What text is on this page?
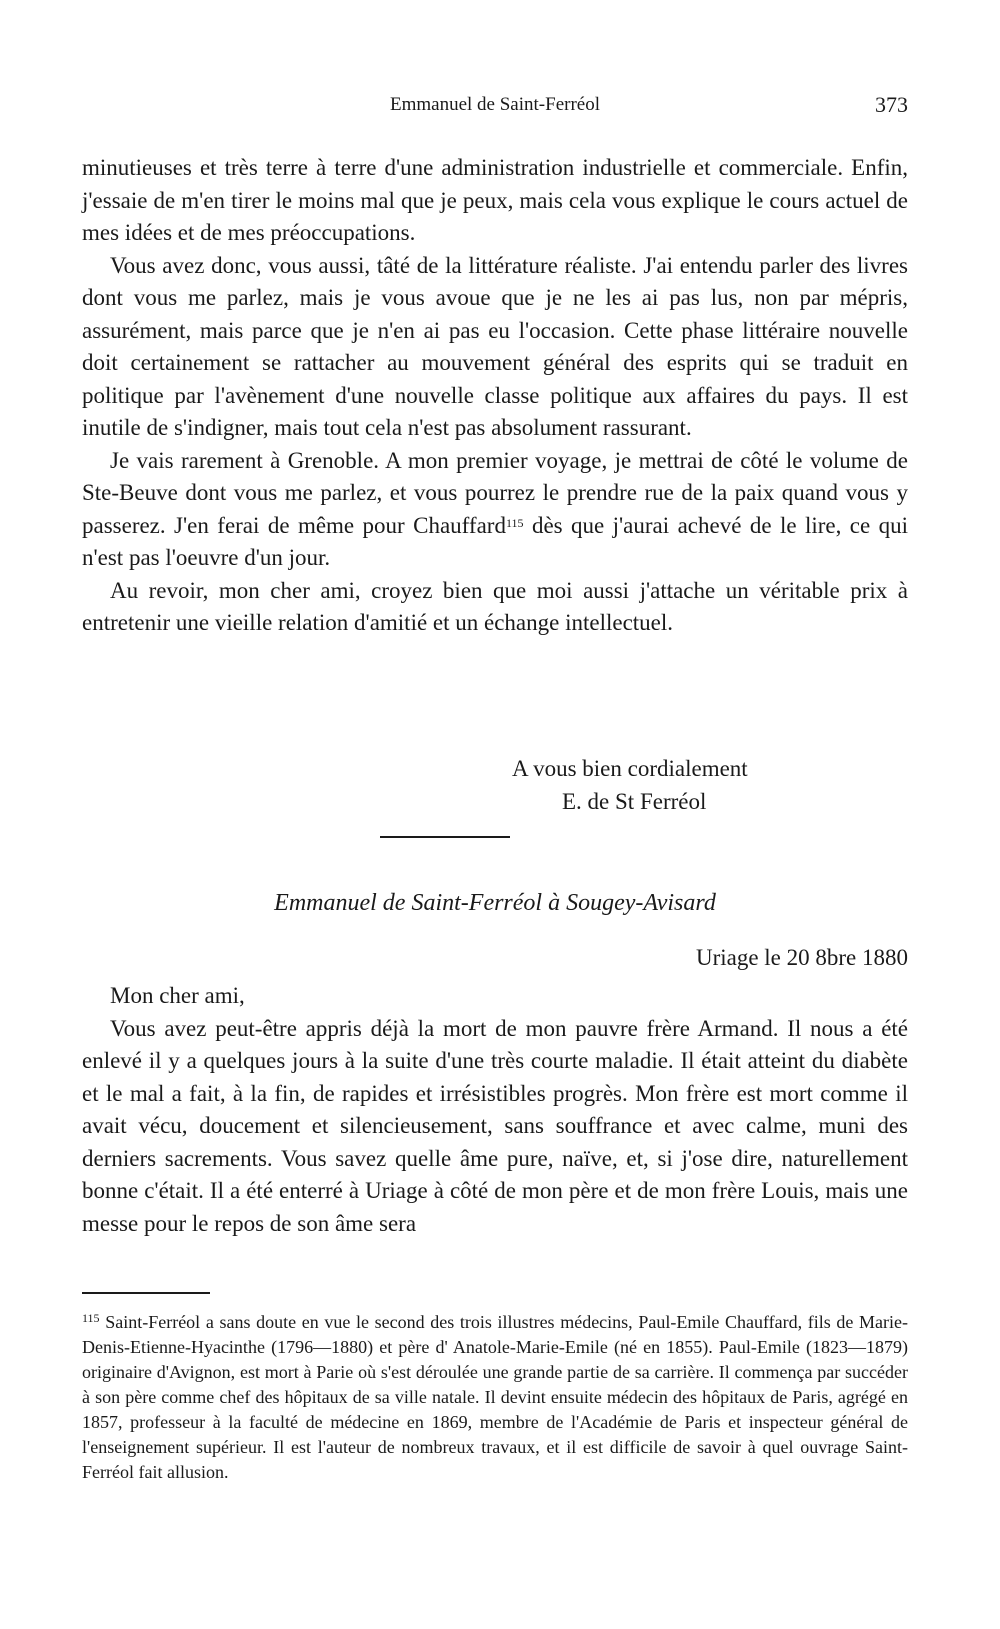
Emmanuel de Saint-Ferréol	373

minutieuses et très terre à terre d'une administration industrielle et commerciale. Enfin, j'essaie de m'en tirer le moins mal que je peux, mais cela vous explique le cours actuel de mes idées et de mes préoccupations.

Vous avez donc, vous aussi, tâté de la littérature réaliste. J'ai entendu parler des livres dont vous me parlez, mais je vous avoue que je ne les ai pas lus, non par mépris, assurément, mais parce que je n'en ai pas eu l'occasion. Cette phase littéraire nouvelle doit certainement se rattacher au mouvement général des esprits qui se traduit en politique par l'avènement d'une nouvelle classe politique aux affaires du pays. Il est inutile de s'indigner, mais tout cela n'est pas absolument rassurant.

Je vais rarement à Grenoble. A mon premier voyage, je mettrai de côté le volume de Ste-Beuve dont vous me parlez, et vous pourrez le prendre rue de la paix quand vous y passerez. J'en ferai de même pour Chauffard$^{115}$ dès que j'aurai achevé de le lire, ce qui n'est pas l'oeuvre d'un jour.

Au revoir, mon cher ami, croyez bien que moi aussi j'attache un véritable prix à entretenir une vieille relation d'amitié et un échange intellectuel.

A vous bien cordialement
E. de St Ferréol
Emmanuel de Saint-Ferréol à Sougey-Avisard
Uriage le 20 8bre 1880

Mon cher ami,

Vous avez peut-être appris déjà la mort de mon pauvre frère Armand. Il nous a été enlevé il y a quelques jours à la suite d'une très courte maladie. Il était atteint du diabète et le mal a fait, à la fin, de rapides et irrésistibles progrès. Mon frère est mort comme il avait vécu, doucement et silencieusement, sans souffrance et avec calme, muni des derniers sacrements. Vous savez quelle âme pure, naïve, et, si j'ose dire, naturellement bonne c'était. Il a été enterré à Uriage à côté de mon père et de mon frère Louis, mais une messe pour le repos de son âme sera

$^{115}$ Saint-Ferréol a sans doute en vue le second des trois illustres médecins, Paul-Emile Chauffard, fils de Marie-Denis-Etienne-Hyacinthe (1796—1880) et père d' Anatole-Marie-Emile (né en 1855). Paul-Emile (1823—1879) originaire d'Avignon, est mort à Parie où s'est déroulée une grande partie de sa carrière. Il commença par succéder à son père comme chef des hôpitaux de sa ville natale. Il devint ensuite médecin des hôpitaux de Paris, agrégé en 1857, professeur à la faculté de médecine en 1869, membre de l'Académie de Paris et inspecteur général de l'enseignement supérieur. Il est l'auteur de nombreux travaux, et il est difficile de savoir à quel ouvrage Saint-Ferréol fait allusion.
